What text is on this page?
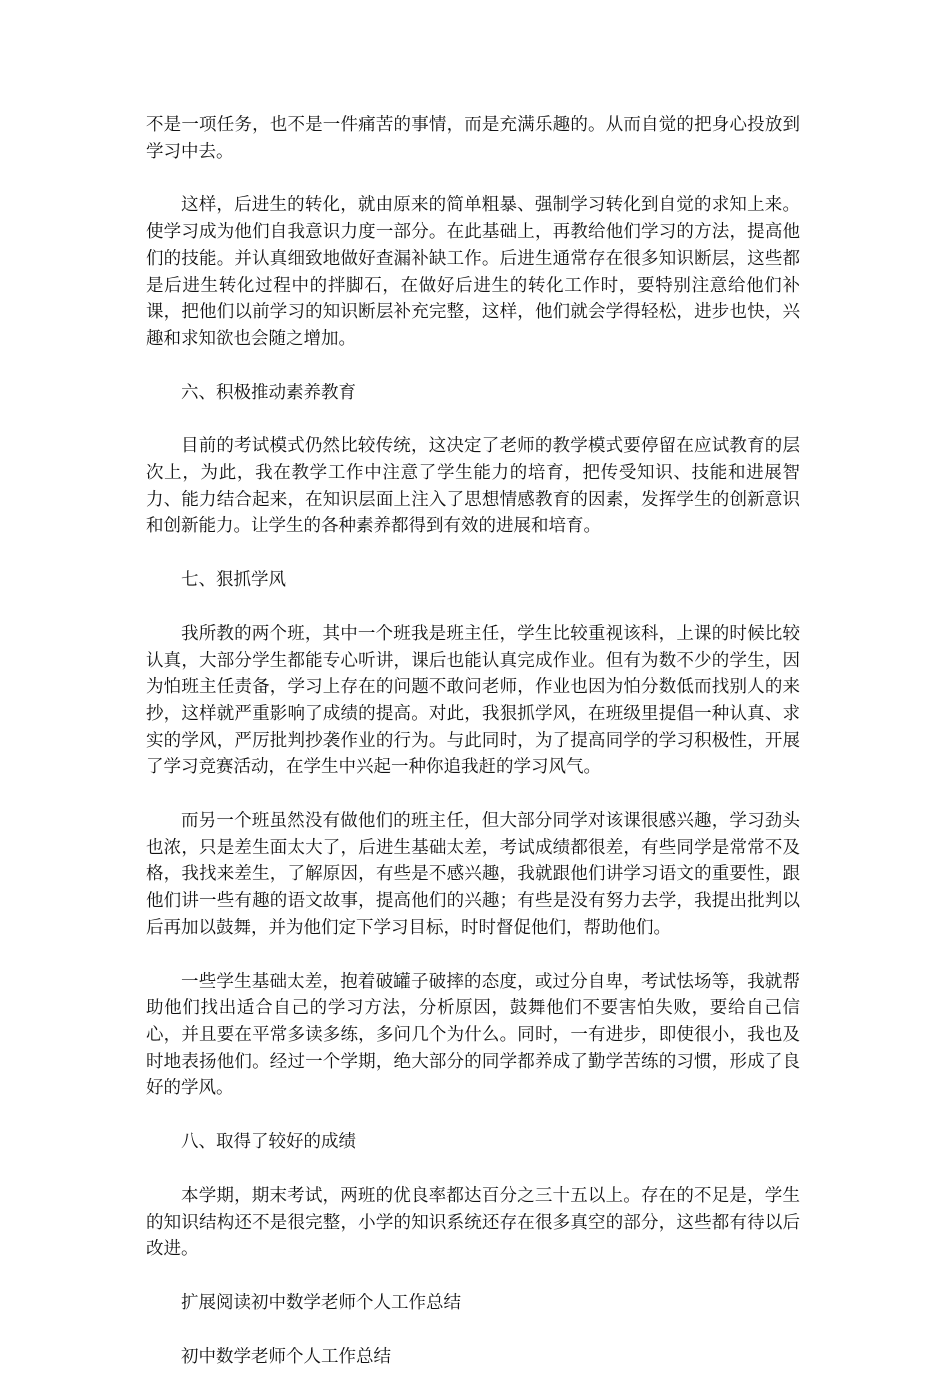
不是一项任务，也不是一件痛苦的事情，而是充满乐趣的。从而自觉的把身心投放到学习中去。

这样，后进生的转化，就由原来的简单粗暴、强制学习转化到自觉的求知上来。使学习成为他们自我意识力度一部分。在此基础上，再教给他们学习的方法，提高他们的技能。并认真细致地做好查漏补缺工作。后进生通常存在很多知识断层，这些都是后进生转化过程中的拌脚石，在做好后进生的转化工作时，要特别注意给他们补课，把他们以前学习的知识断层补充完整，这样，他们就会学得轻松，进步也快，兴趣和求知欲也会随之增加。

六、积极推动素养教育

目前的考试模式仍然比较传统，这决定了老师的教学模式要停留在应试教育的层次上，为此，我在教学工作中注意了学生能力的培育，把传受知识、技能和进展智力、能力结合起来，在知识层面上注入了思想情感教育的因素，发挥学生的创新意识和创新能力。让学生的各种素养都得到有效的进展和培育。

七、狠抓学风

我所教的两个班，其中一个班我是班主任，学生比较重视该科，上课的时候比较认真，大部分学生都能专心听讲，课后也能认真完成作业。但有为数不少的学生，因为怕班主任责备，学习上存在的问题不敢问老师，作业也因为怕分数低而找别人的来抄，这样就严重影响了成绩的提高。对此，我狠抓学风，在班级里提倡一种认真、求实的学风，严厉批判抄袭作业的行为。与此同时，为了提高同学的学习积极性，开展了学习竞赛活动，在学生中兴起一种你追我赶的学习风气。

而另一个班虽然没有做他们的班主任，但大部分同学对该课很感兴趣，学习劲头也浓，只是差生面太大了，后进生基础太差，考试成绩都很差，有些同学是常常不及格，我找来差生，了解原因，有些是不感兴趣，我就跟他们讲学习语文的重要性，跟他们讲一些有趣的语文故事，提高他们的兴趣；有些是没有努力去学，我提出批判以后再加以鼓舞，并为他们定下学习目标，时时督促他们，帮助他们。

一些学生基础太差，抱着破罐子破摔的态度，或过分自卑，考试怯场等，我就帮助他们找出适合自己的学习方法，分析原因，鼓舞他们不要害怕失败，要给自己信心，并且要在平常多读多练，多问几个为什么。同时，一有进步，即使很小，我也及时地表扬他们。经过一个学期，绝大部分的同学都养成了勤学苦练的习惯，形成了良好的学风。

八、取得了较好的成绩

本学期，期末考试，两班的优良率都达百分之三十五以上。存在的不足是，学生的知识结构还不是很完整，小学的知识系统还存在很多真空的部分，这些都有待以后改进。

扩展阅读初中数学老师个人工作总结

初中数学老师个人工作总结
